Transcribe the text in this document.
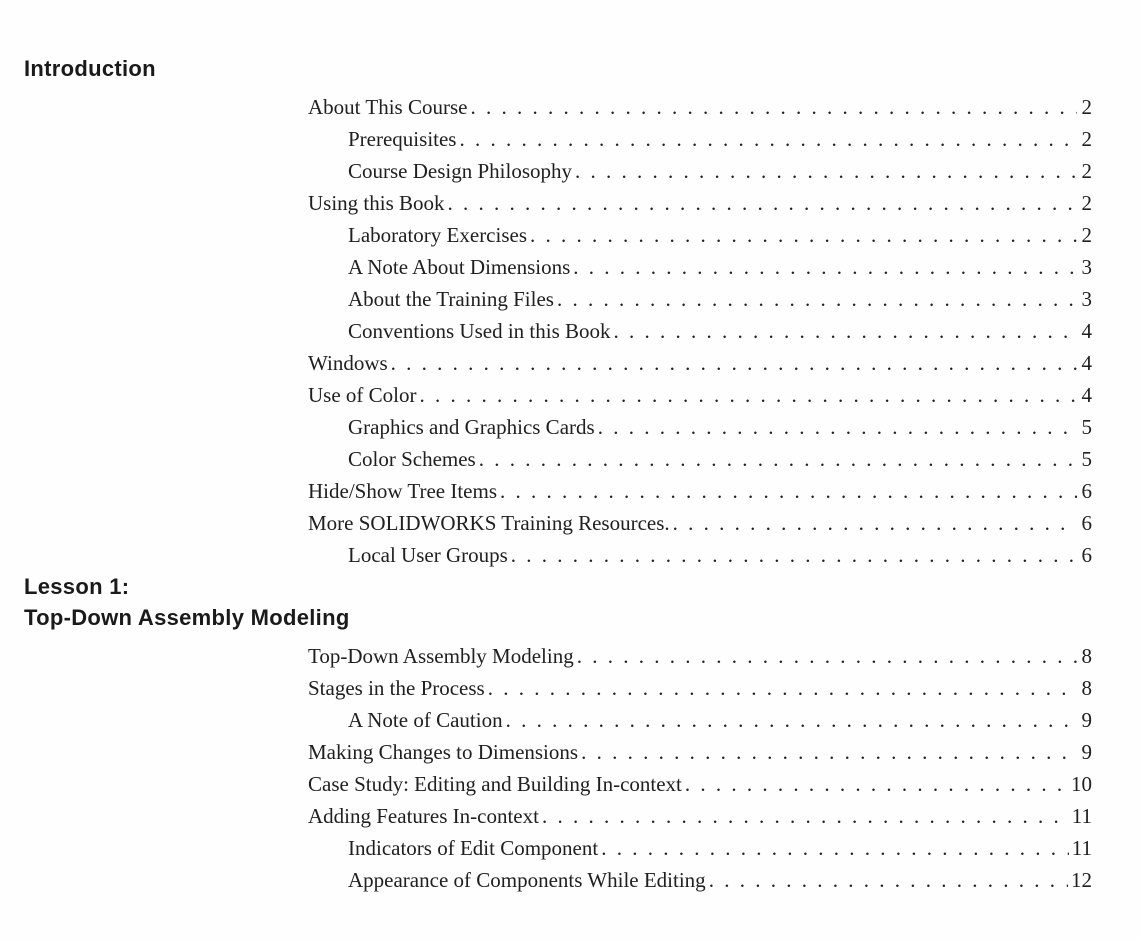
Introduction
About This Course . . .	2
Prerequisites . . .	2
Course Design Philosophy . . .	2
Using this Book . . .	2
Laboratory Exercises . . .	2
A Note About Dimensions . . .	3
About the Training Files . . .	3
Conventions Used in this Book . . .	4
Windows . . .	4
Use of Color . . .	4
Graphics and Graphics Cards . . .	5
Color Schemes . . .	5
Hide/Show Tree Items . . .	6
More SOLIDWORKS Training Resources. . . .	6
Local User Groups . . .	6
Lesson 1:
Top-Down Assembly Modeling
Top-Down Assembly Modeling . . .	8
Stages in the Process . . .	8
A Note of Caution . . .	9
Making Changes to Dimensions . . .	9
Case Study: Editing and Building In-context . . .	10
Adding Features In-context . . .	11
Indicators of Edit Component . . .	11
Appearance of Components While Editing . . .	12
